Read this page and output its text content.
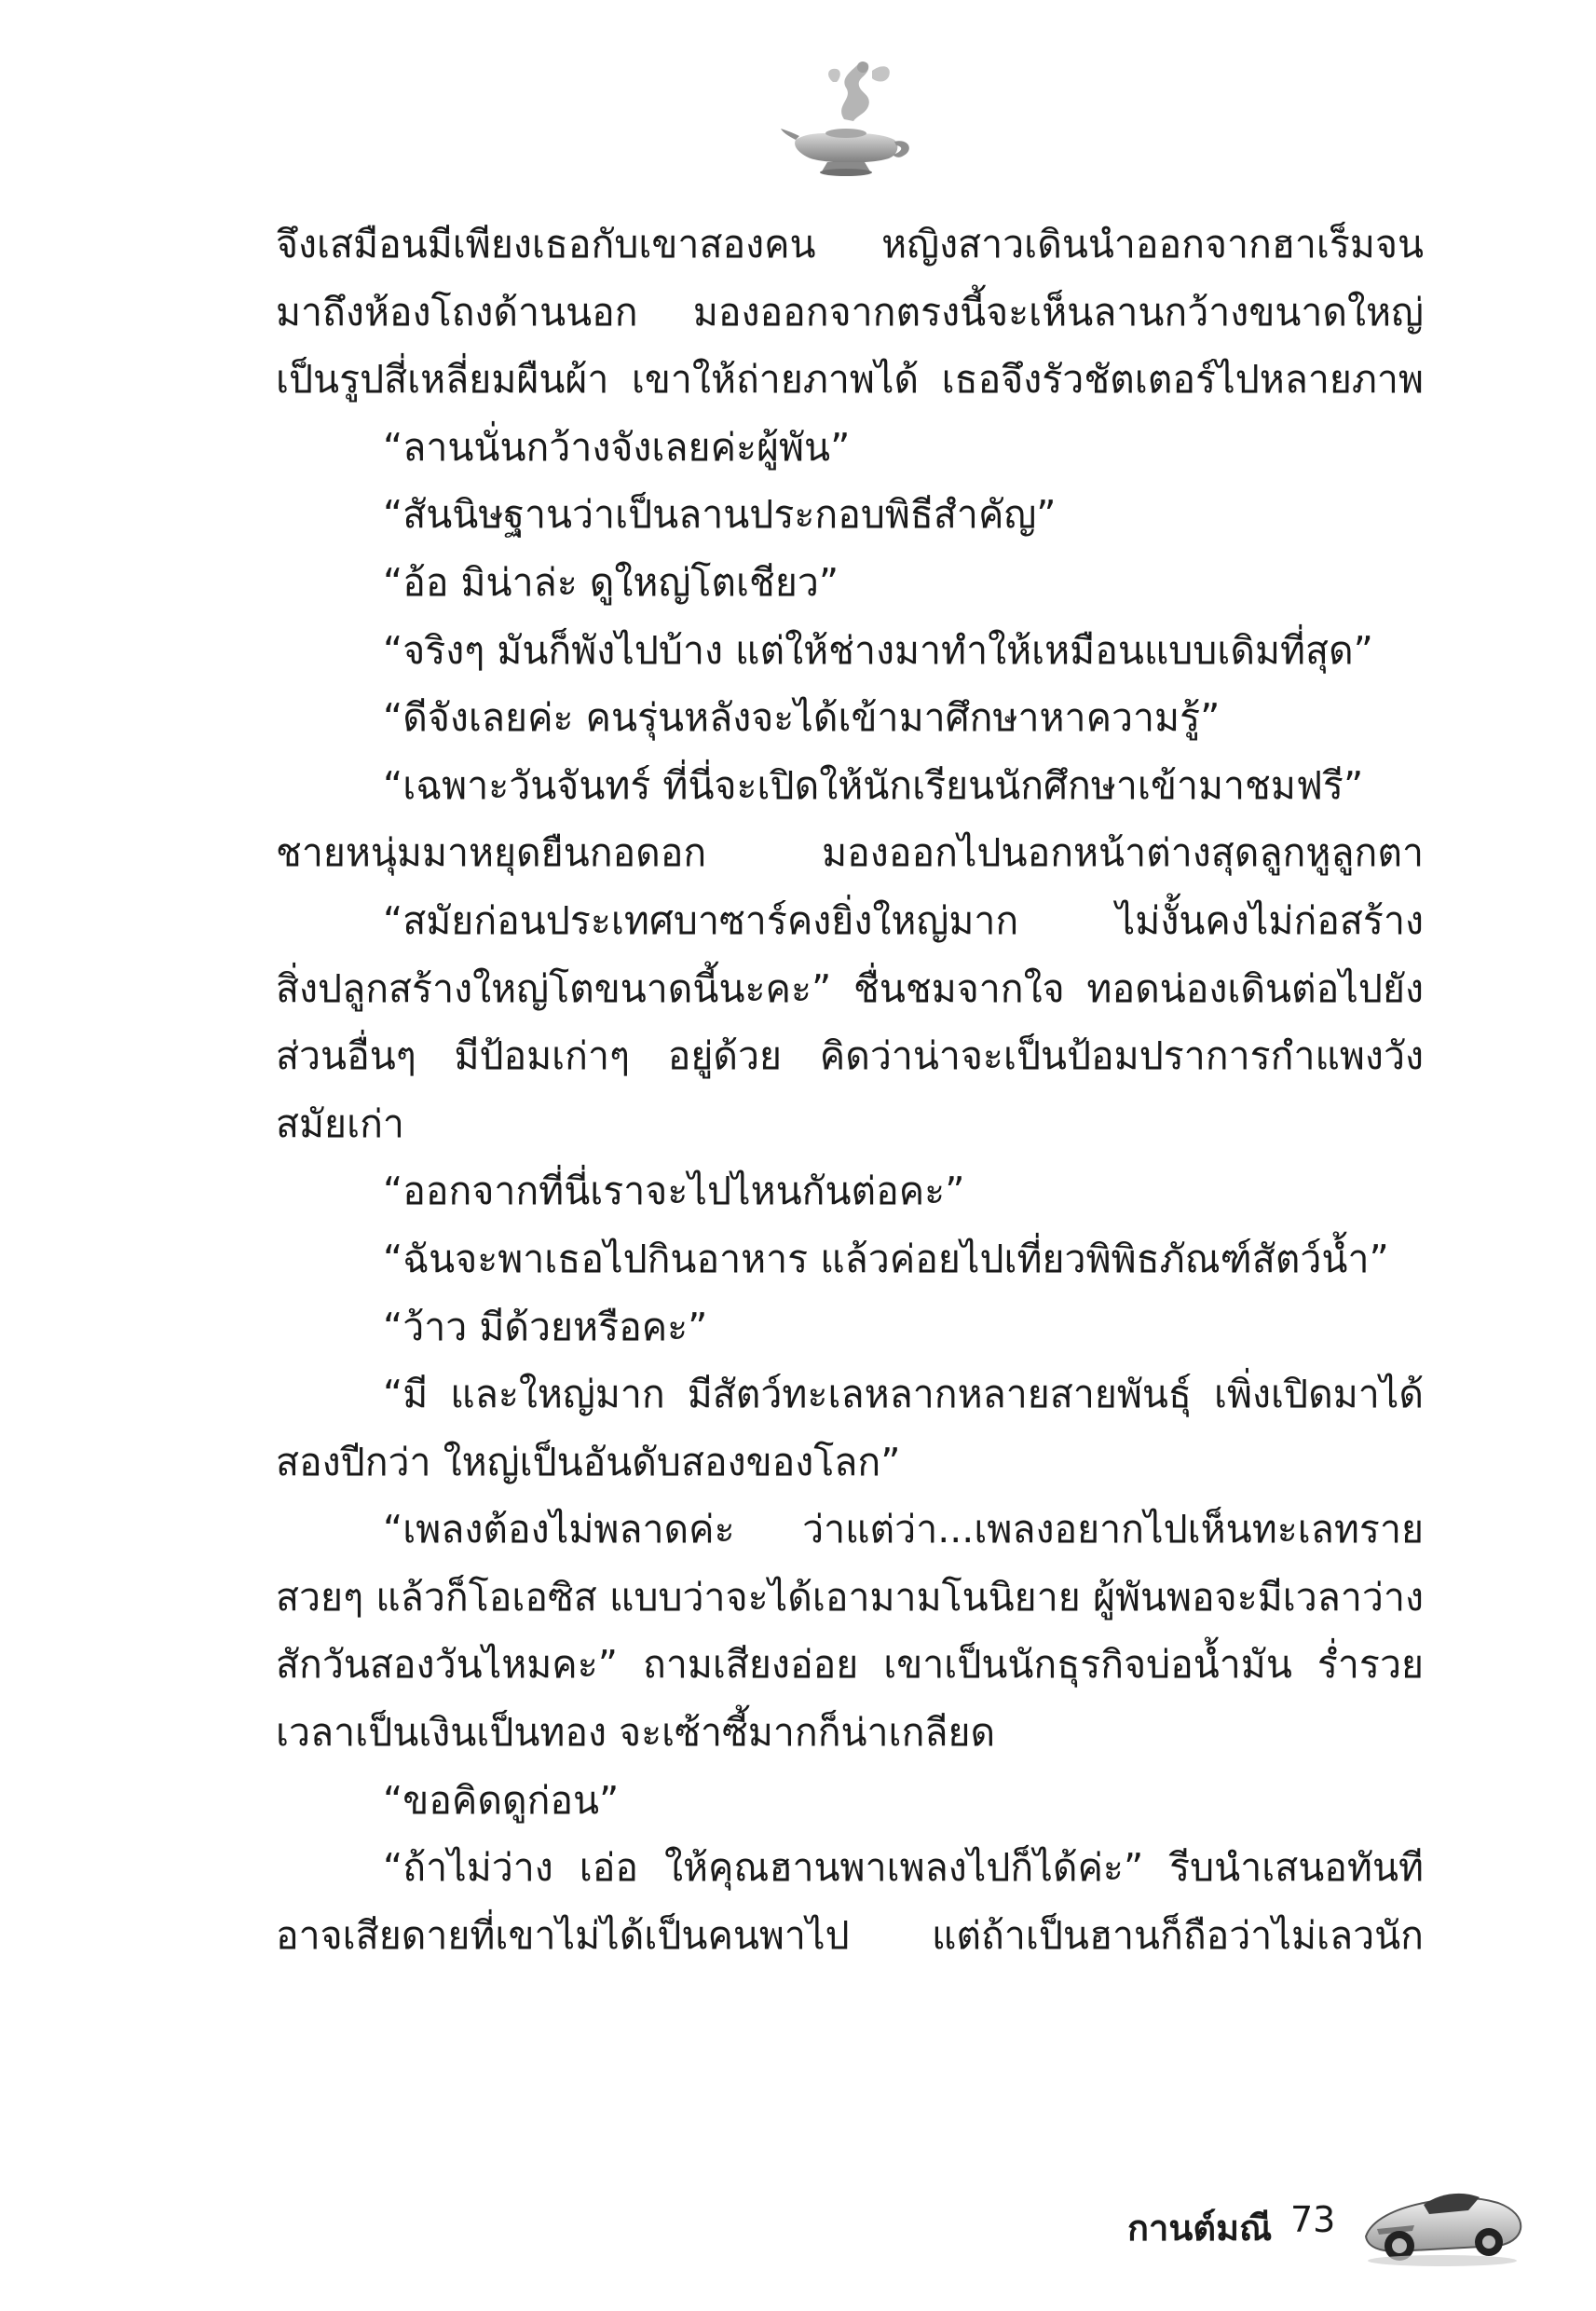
จึงเสมือนมีเพียงเธอกับเขาสองคน หญิงสาวเดินนำออกจากฮาเร็มจน
มาถึงห้องโถงด้านนอก มองออกจากตรงนี้จะเห็นลานกว้างขนาดใหญ่
เป็นรูปสี่เหลี่ยมผืนผ้า เขาให้ถ่ายภาพได้ เธอจึงรัวชัตเตอร์ไปหลายภาพ
“ลานนั่นกว้างจังเลยค่ะผู้พัน”
“สันนิษฐานว่าเป็นลานประกอบพิธีสำคัญ”
“อ้อ มิน่าล่ะ ดูใหญ่โตเชียว”
“จริงๆ มันก็พังไปบ้าง แต่ให้ช่างมาทำให้เหมือนแบบเดิมที่สุด”
“ดีจังเลยค่ะ คนรุ่นหลังจะได้เข้ามาศึกษาหาความรู้”
“เฉพาะวันจันทร์ ที่นี่จะเปิดให้นักเรียนนักศึกษาเข้ามาชมฟรี”
ชายหนุ่มมาหยุดยืนกอดอก มองออกไปนอกหน้าต่างสุดลูกหูลูกตา
“สมัยก่อนประเทศบาซาร์คงยิ่งใหญ่มาก ไม่งั้นคงไม่ก่อสร้าง
สิ่งปลูกสร้างใหญ่โตขนาดนี้นะคะ” ชื่นชมจากใจ ทอดน่องเดินต่อไปยัง
ส่วนอื่นๆ มีป้อมเก่าๆ อยู่ด้วย คิดว่าน่าจะเป็นป้อมปราการกำแพงวัง
สมัยเก่า
“ออกจากที่นี่เราจะไปไหนกันต่อคะ”
“ฉันจะพาเธอไปกินอาหาร แล้วค่อยไปเที่ยวพิพิธภัณฑ์สัตว์น้ำ”
“ว้าว มีด้วยหรือคะ”
“มี และใหญ่มาก มีสัตว์ทะเลหลากหลายสายพันธุ์ เพิ่งเปิดมาได้
สองปีกว่า ใหญ่เป็นอันดับสองของโลก”
“เพลงต้องไม่พลาดค่ะ ว่าแต่ว่า...เพลงอยากไปเห็นทะเลทราย
สวยๆ แล้วก็โอเอซิส แบบว่าจะได้เอามามโนนิยาย ผู้พันพอจะมีเวลาว่าง
สักวันสองวันไหมคะ” ถามเสียงอ่อย เขาเป็นนักธุรกิจบ่อน้ำมัน ร่ำรวย
เวลาเป็นเงินเป็นทอง จะเซ้าซี้มากก็น่าเกลียด
“ขอคิดดูก่อน”
“ถ้าไม่ว่าง เอ่อ ให้คุณฮานพาเพลงไปก็ได้ค่ะ” รีบนำเสนอทันที
อาจเสียดายที่เขาไม่ได้เป็นคนพาไป แต่ถ้าเป็นฮานก็ถือว่าไม่เลวนัก
กานต์มณี 73
